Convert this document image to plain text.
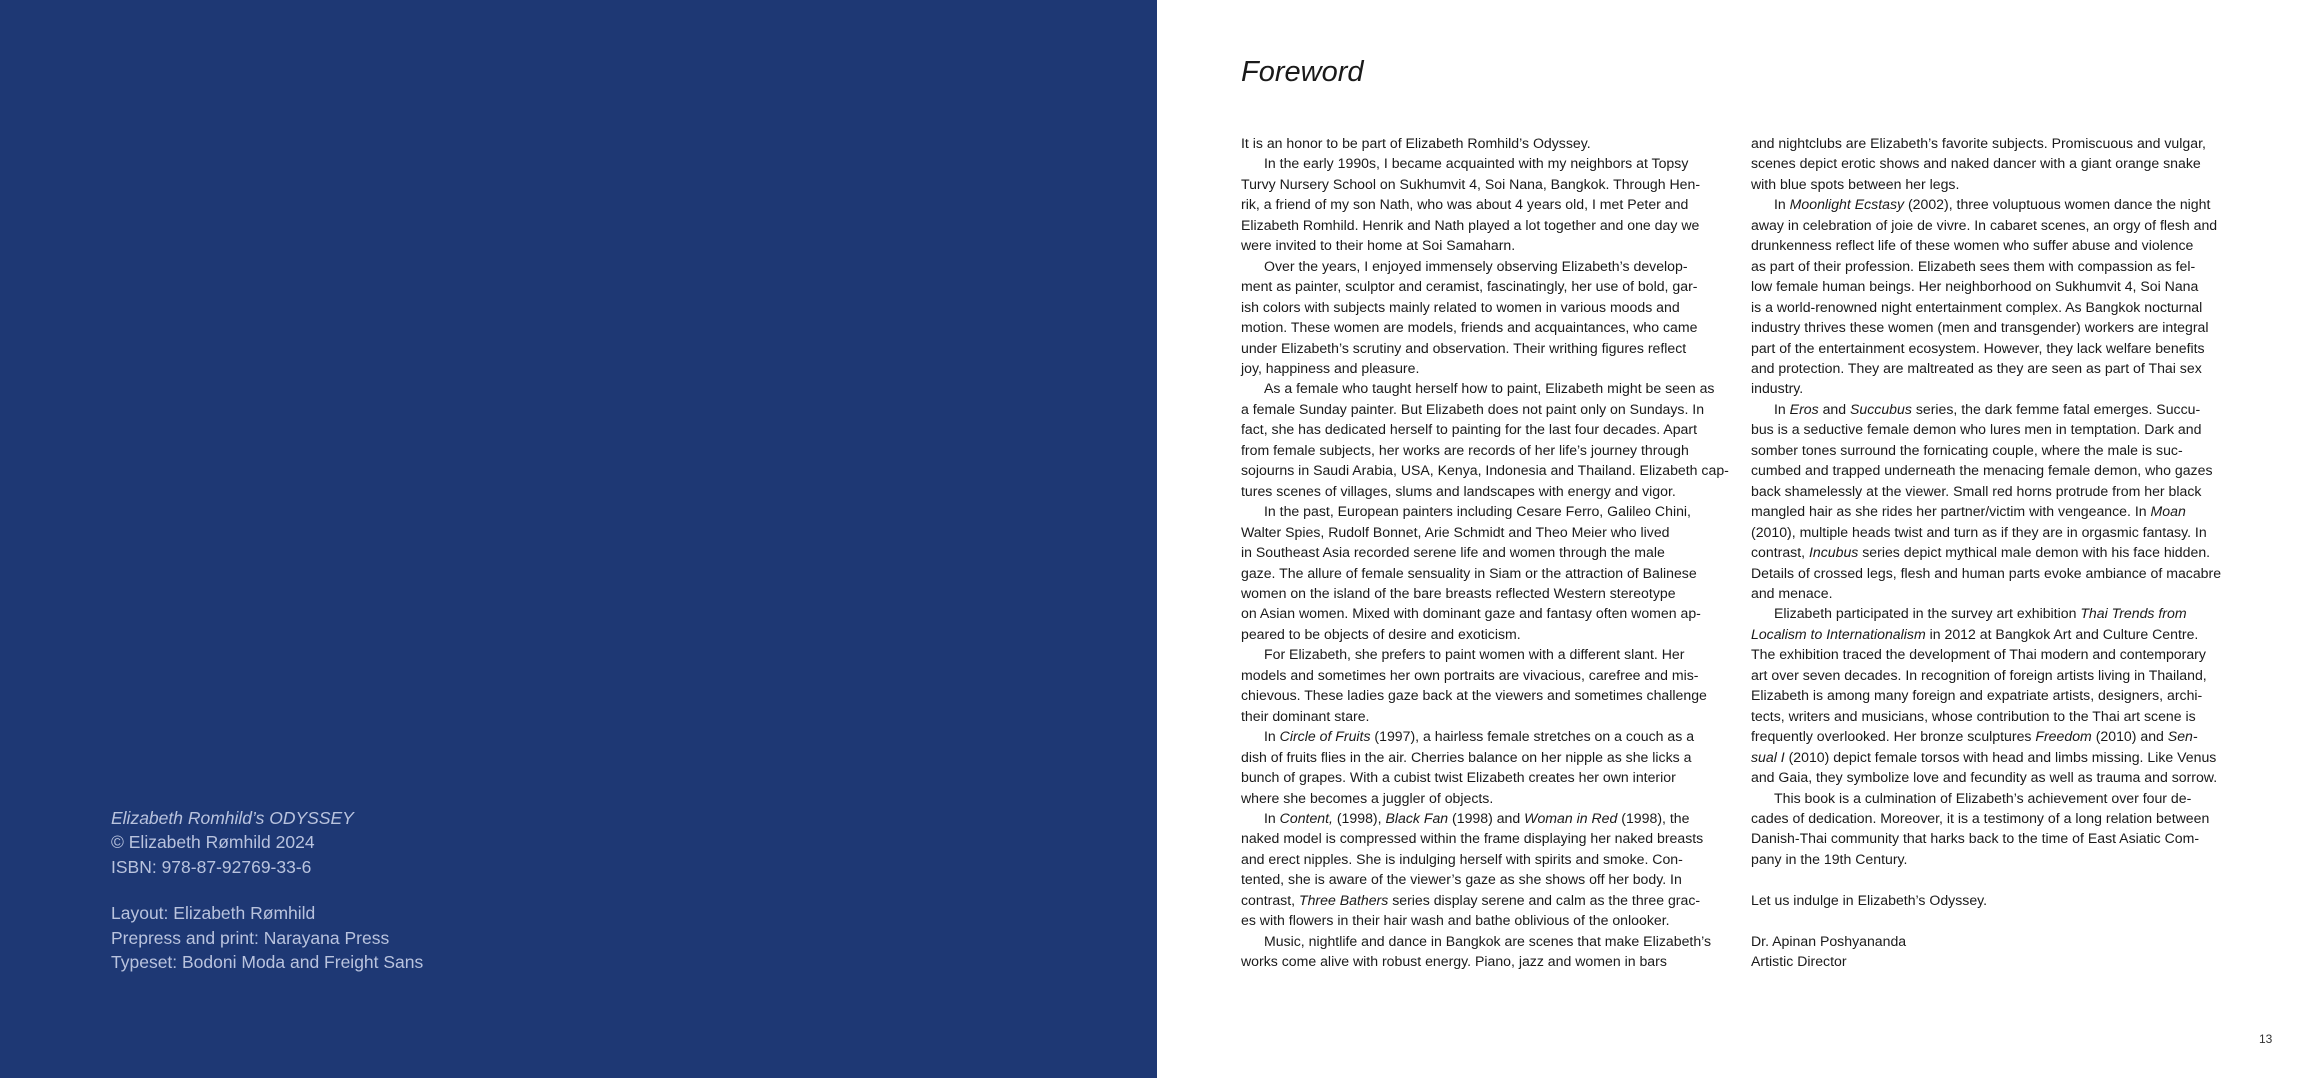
Elizabeth Romhild’s ODYSSEY
© Elizabeth Rømhild 2024
ISBN: 978-87-92769-33-6
Layout: Elizabeth Rømhild
Prepress and print: Narayana Press
Typeset: Bodoni Moda and Freight Sans
Foreword
It is an honor to be part of Elizabeth Romhild’s Odyssey.
In the early 1990s, I became acquainted with my neighbors at Topsy
Turvy Nursery School on Sukhumvit 4, Soi Nana, Bangkok. Through Hen-
rik, a friend of my son Nath, who was about 4 years old, I met Peter and
Elizabeth Romhild. Henrik and Nath played a lot together and one day we
were invited to their home at Soi Samaharn.
Over the years, I enjoyed immensely observing Elizabeth’s develop-
ment as painter, sculptor and ceramist, fascinatingly, her use of bold, gar-
ish colors with subjects mainly related to women in various moods and
motion. These women are models, friends and acquaintances, who came
under Elizabeth’s scrutiny and observation. Their writhing figures reflect
joy, happiness and pleasure.
As a female who taught herself how to paint, Elizabeth might be seen as
a female Sunday painter. But Elizabeth does not paint only on Sundays. In
fact, she has dedicated herself to painting for the last four decades. Apart
from female subjects, her works are records of her life’s journey through
sojourns in Saudi Arabia, USA, Kenya, Indonesia and Thailand. Elizabeth cap-
tures scenes of villages, slums and landscapes with energy and vigor.
In the past, European painters including Cesare Ferro, Galileo Chini,
Walter Spies, Rudolf Bonnet, Arie Schmidt and Theo Meier who lived
in Southeast Asia recorded serene life and women through the male
gaze. The allure of female sensuality in Siam or the attraction of Balinese
women on the island of the bare breasts reflected Western stereotype
on Asian women. Mixed with dominant gaze and fantasy often women ap-
peared to be objects of desire and exoticism.
For Elizabeth, she prefers to paint women with a different slant. Her
models and sometimes her own portraits are vivacious, carefree and mis-
chievous. These ladies gaze back at the viewers and sometimes challenge
their dominant stare.
In Circle of Fruits (1997), a hairless female stretches on a couch as a
dish of fruits flies in the air. Cherries balance on her nipple as she licks a
bunch of grapes. With a cubist twist Elizabeth creates her own interior
where she becomes a juggler of objects.
In Content, (1998), Black Fan (1998) and Woman in Red (1998), the
naked model is compressed within the frame displaying her naked breasts
and erect nipples. She is indulging herself with spirits and smoke. Con-
tented, she is aware of the viewer’s gaze as she shows off her body. In
contrast, Three Bathers series display serene and calm as the three grac-
es with flowers in their hair wash and bathe oblivious of the onlooker.
Music, nightlife and dance in Bangkok are scenes that make Elizabeth’s
works come alive with robust energy. Piano, jazz and women in bars
and nightclubs are Elizabeth’s favorite subjects. Promiscuous and vulgar,
scenes depict erotic shows and naked dancer with a giant orange snake
with blue spots between her legs.
In Moonlight Ecstasy (2002), three voluptuous women dance the night
away in celebration of joie de vivre. In cabaret scenes, an orgy of flesh and
drunkenness reflect life of these women who suffer abuse and violence
as part of their profession. Elizabeth sees them with compassion as fel-
low female human beings. Her neighborhood on Sukhumvit 4, Soi Nana
is a world-renowned night entertainment complex. As Bangkok nocturnal
industry thrives these women (men and transgender) workers are integral
part of the entertainment ecosystem. However, they lack welfare benefits
and protection. They are maltreated as they are seen as part of Thai sex
industry.
In Eros and Succubus series, the dark femme fatal emerges. Succu-
bus is a seductive female demon who lures men in temptation. Dark and
somber tones surround the fornicating couple, where the male is suc-
cumbed and trapped underneath the menacing female demon, who gazes
back shamelessly at the viewer. Small red horns protrude from her black
mangled hair as she rides her partner/victim with vengeance. In Moan
(2010), multiple heads twist and turn as if they are in orgasmic fantasy. In
contrast, Incubus series depict mythical male demon with his face hidden.
Details of crossed legs, flesh and human parts evoke ambiance of macabre
and menace.
Elizabeth participated in the survey art exhibition Thai Trends from
Localism to Internationalism in 2012 at Bangkok Art and Culture Centre.
The exhibition traced the development of Thai modern and contemporary
art over seven decades. In recognition of foreign artists living in Thailand,
Elizabeth is among many foreign and expatriate artists, designers, archi-
tects, writers and musicians, whose contribution to the Thai art scene is
frequently overlooked. Her bronze sculptures Freedom (2010) and Sen-
sual I (2010) depict female torsos with head and limbs missing. Like Venus
and Gaia, they symbolize love and fecundity as well as trauma and sorrow.
This book is a culmination of Elizabeth’s achievement over four de-
cades of dedication. Moreover, it is a testimony of a long relation between
Danish-Thai community that harks back to the time of East Asiatic Com-
pany in the 19th Century.
Let us indulge in Elizabeth’s Odyssey.
Dr. Apinan Poshyananda
Artistic Director
13
